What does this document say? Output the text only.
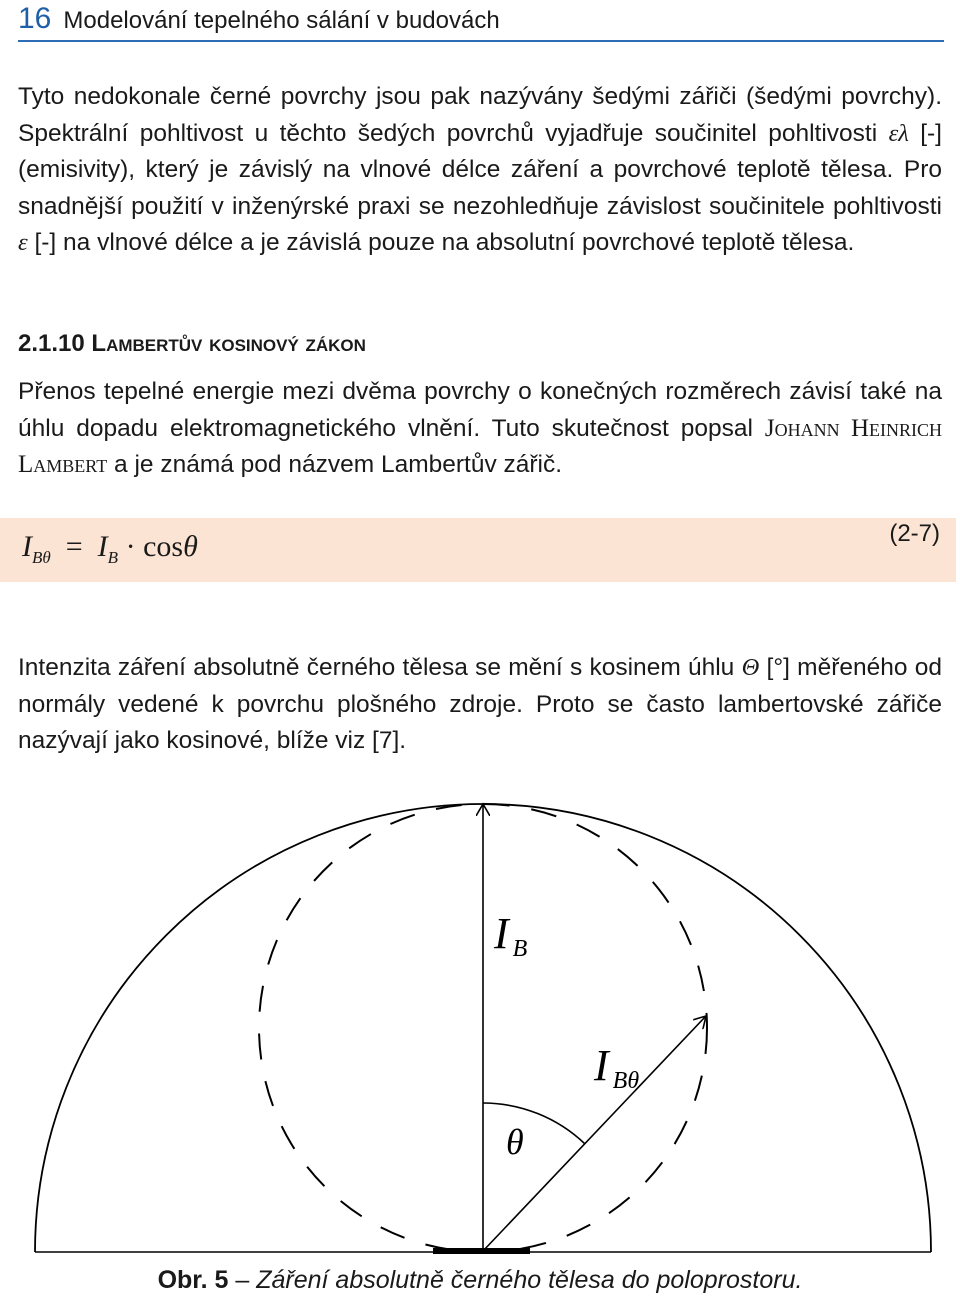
16 Modelování tepelného sálání v budovách
Tyto nedokonale černé povrchy jsou pak nazývány šedými zářiči (šedými povrchy). Spektrální pohltivost u těchto šedých povrchů vyjadřuje součinitel pohltivosti ελ [-] (emisivity), který je závislý na vlnové délce záření a povrchové teplotě tělesa. Pro snadnější použití v inženýrské praxi se nezohledňuje závislost součinitele pohltivosti ε [-] na vlnové délce a je závislá pouze na absolutní povrchové teplotě tělesa.
2.1.10 Lambertův kosinový zákon
Přenos tepelné energie mezi dvěma povrchy o konečných rozměrech závisí také na úhlu dopadu elektromagnetického vlnění. Tuto skutečnost popsal Johann Heinrich Lambert a je známá pod názvem Lambertův zářič.
$I_{B\theta} = I_B \cdot \cos\theta$	(2-7)
Intenzita záření absolutně černého tělesa se mění s kosinem úhlu Θ [°] měřeného od normály vedené k povrchu plošného zdroje. Proto se často lambertovské zářiče nazývají jako kosinové, blíže viz [7].
I B
I Bθ
θ
Obr. 5 – Záření absolutně černého tělesa do poloprostoru.
